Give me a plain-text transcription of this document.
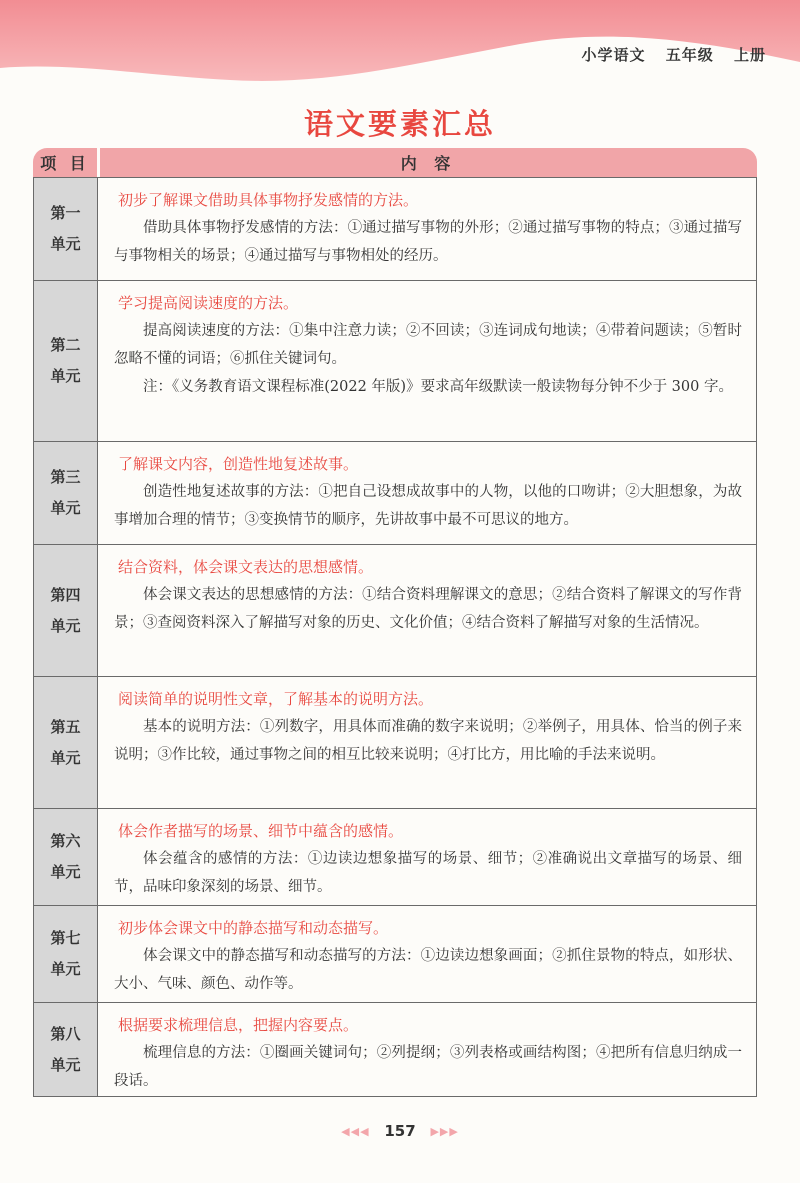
小学语文 五年级 上册
语文要素汇总
项 目	内 容
第一
单元
初步了解课文借助具体事物抒发感情的方法。
借助具体事物抒发感情的方法：①通过描写事物的外形；②通过描写事物的特点；③通过描写与事物相关的场景；④通过描写与事物相处的经历。
第二
单元
学习提高阅读速度的方法。
提高阅读速度的方法：①集中注意力读；②不回读；③连词成句地读；④带着问题读；⑤暂时忽略不懂的词语；⑥抓住关键词句。
注：《义务教育语文课程标准(2022 年版)》要求高年级默读一般读物每分钟不少于 300 字。
第三
单元
了解课文内容，创造性地复述故事。
创造性地复述故事的方法：①把自己设想成故事中的人物，以他的口吻讲；②大胆想象，为故事增加合理的情节；③变换情节的顺序，先讲故事中最不可思议的地方。
第四
单元
结合资料，体会课文表达的思想感情。
体会课文表达的思想感情的方法：①结合资料理解课文的意思；②结合资料了解课文的写作背景；③查阅资料深入了解描写对象的历史、文化价值；④结合资料了解描写对象的生活情况。
第五
单元
阅读简单的说明性文章，了解基本的说明方法。
基本的说明方法：①列数字，用具体而准确的数字来说明；②举例子，用具体、恰当的例子来说明；③作比较，通过事物之间的相互比较来说明；④打比方，用比喻的手法来说明。
第六
单元
体会作者描写的场景、细节中蕴含的感情。
体会蕴含的感情的方法：①边读边想象描写的场景、细节；②准确说出文章描写的场景、细节，品味印象深刻的场景、细节。
第七
单元
初步体会课文中的静态描写和动态描写。
体会课文中的静态描写和动态描写的方法：①边读边想象画面；②抓住景物的特点，如形状、大小、气味、颜色、动作等。
第八
单元
根据要求梳理信息，把握内容要点。
梳理信息的方法：①圈画关键词句；②列提纲；③列表格或画结构图；④把所有信息归纳成一段话。
◀◀◀ 157 ▶▶▶
